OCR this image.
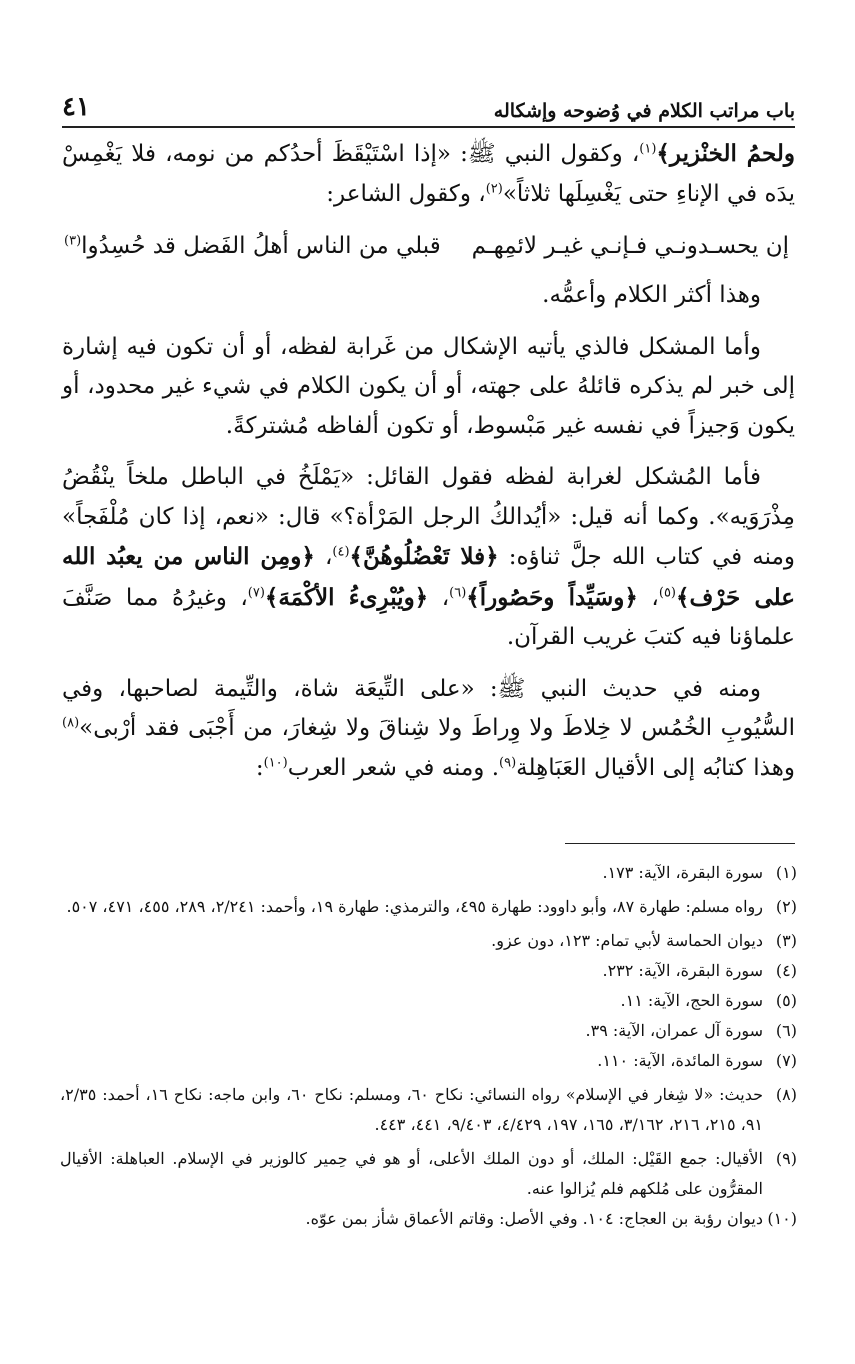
باب مراتب الكلام في وُضوحه وإشكاله
٤١

ولحمُ الخنْزير﴾$^{(١)}$، وكقول النبي ﷺ: «إذا اسْتَيْقَظَ أحدُكم من نومه، فلا يَغْمِسْ يدَه في الإناءِ حتى يَغْسِلَها ثلاثاً»$^{(٢)}$، وكقول الشاعر:

إن يحسـدونـي فـإنـي غيـر لائمِهـم
قبلي من الناس أهلُ الفَضل قد حُسِدُوا$^{(٣)}$

وهذا أكثر الكلام وأعمُّه.

وأما المشكل فالذي يأتيه الإشكال من غَرابة لفظه، أو أن تكون فيه إشارة إلى خبر لم يذكره قائلهُ على جهته، أو أن يكون الكلام في شيء غير محدود، أو يكون وَجيزاً في نفسه غير مَبْسوط، أو تكون ألفاظه مُشتركةً.

فأما المُشكل لغرابة لفظه فقول القائل: «يَمْلَخُ في الباطل ملخاً ينْقُضُ مِذْرَوَيه». وكما أنه قيل: «أيُدالكُ الرجل المَرْأة؟» قال: «نعم، إذا كان مُلْفَجاً» ومنه في كتاب الله جلَّ ثناؤه: ﴿فلا تَعْضُلُوهُنَّ﴾$^{(٤)}$، ﴿ومِن الناس من يعبُد الله على حَرْف﴾$^{(٥)}$، ﴿وسَيِّداً وحَصُوراً﴾$^{(٦)}$، ﴿ويُبْرِىءُ الأكْمَهَ﴾$^{(٧)}$، وغيرُهُ مما صَنَّفَ علماؤنا فيه كتبَ غريب القرآن.

ومنه في حديث النبي ﷺ: «على التِّيعَة شاة، والتِّيمة لصاحبها، وفي السُّيُوبِ الخُمُس لا خِلاطَ ولا وِراطَ ولا شِناقَ ولا شِغارَ، من أَجْبَى فقد أرْبى»$^{(٨)}$ وهذا كتابُه إلى الأقيال العَبَاهِلة$^{(٩)}$. ومنه في شعر العرب$^{(١٠)}$:

(١)
سورة البقرة، الآية: ١٧٣.
(٢)
رواه مسلم: طهارة ٨٧، وأبو داوود: طهارة ٤٩٥، والترمذي: طهارة ١٩، وأحمد: ٢/٢٤١، ٢٨٩، ٤٥٥، ٤٧١، ٥٠٧.
(٣)
ديوان الحماسة لأبي تمام: ١٢٣، دون عزو.
(٤)
سورة البقرة، الآية: ٢٣٢.
(٥)
سورة الحج، الآية: ١١.
(٦)
سورة آل عمران، الآية: ٣٩.
(٧)
سورة المائدة، الآية: ١١٠.
(٨)
حديث: «لا شِغار في الإسلام» رواه النسائي: نكاح ٦٠، ومسلم: نكاح ٦٠، وابن ماجه: نكاح ١٦، أحمد: ٢/٣٥، ٩١، ٢١٥، ٢١٦، ٣/١٦٢، ١٦٥، ١٩٧، ٤/٤٢٩، ٩/٤٠٣، ٤٤١، ٤٤٣.
(٩)
الأقيال: جمع القَيْل: الملك، أو دون الملك الأعلى، أو هو في حِمير كالوزير في الإسلام. العباهلة: الأقيال المقرُّون على مُلكهم فلم يُزالوا عنه.
(١٠)
ديوان رؤبة بن العجاج: ١٠٤. وفي الأصل: وقاتم الأعماق شأز بمن عوّه.
